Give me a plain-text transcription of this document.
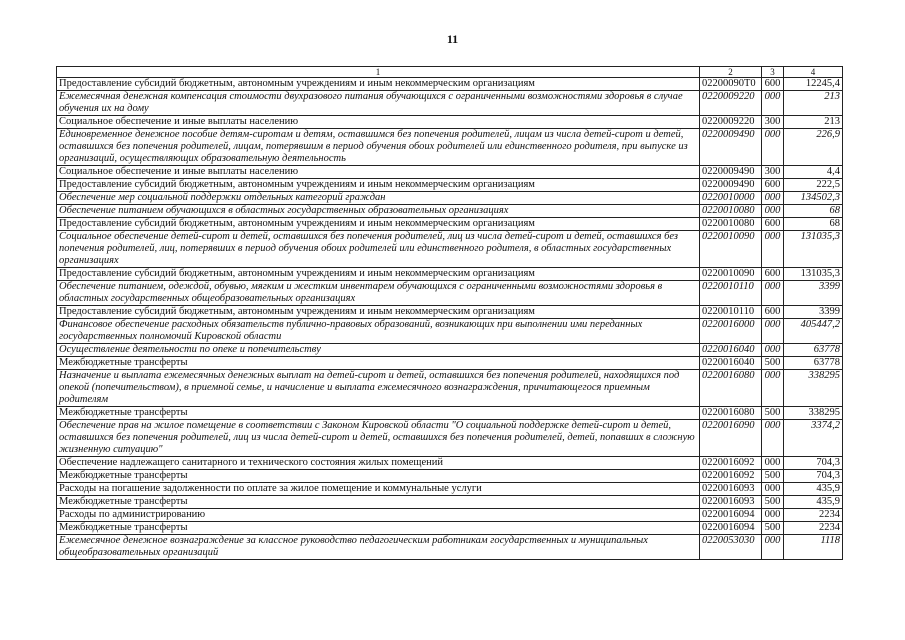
11
1	2	3	4
Предоставление субсидий бюджетным, автономным учреждениям и иным некоммерческим организациям	02200090T0	600	12245,4
Ежемесячная денежная компенсация стоимости двухразового питания обучающихся с ограниченными возможностями здоровья в случае обучения их на дому	0220009220	000	213
Социальное обеспечение и иные выплаты населению	0220009220	300	213
Единовременное денежное пособие детям-сиротам и детям, оставшимся без попечения родителей, лицам из числа детей-сирот и детей, оставшихся без попечения родителей, лицам, потерявшим в период обучения обоих родителей или единственного родителя, при выпуске из организаций, осуществляющих образовательную деятельность	0220009490	000	226,9
Социальное обеспечение и иные выплаты населению	0220009490	300	4,4
Предоставление субсидий бюджетным, автономным учреждениям и иным некоммерческим организациям	0220009490	600	222,5
Обеспечение мер социальной поддержки отдельных категорий граждан	0220010000	000	134502,3
Обеспечение питанием обучающихся в областных государственных образовательных организациях	0220010080	000	68
Предоставление субсидий бюджетным, автономным учреждениям и иным некоммерческим организациям	0220010080	600	68
Социальное обеспечение детей-сирот и детей, оставшихся без попечения родителей, лиц из числа детей-сирот и детей, оставшихся без попечения родителей, лиц, потерявших в период обучения обоих родителей или единственного родителя, в областных государственных организациях	0220010090	000	131035,3
Предоставление субсидий бюджетным, автономным учреждениям и иным некоммерческим организациям	0220010090	600	131035,3
Обеспечение питанием, одеждой, обувью, мягким и жестким инвентарем обучающихся с ограниченными возможностями здоровья в областных государственных общеобразовательных организациях	0220010110	000	3399
Предоставление субсидий бюджетным, автономным учреждениям и иным некоммерческим организациям	0220010110	600	3399
Финансовое обеспечение расходных обязательств публично-правовых образований, возникающих при выполнении ими переданных государственных полномочий Кировской области	0220016000	000	405447,2
Осуществление деятельности по опеке и попечительству	0220016040	000	63778
Межбюджетные трансферты	0220016040	500	63778
Назначение и выплата ежемесячных денежных выплат на детей-сирот и детей, оставшихся без попечения родителей, находящихся под опекой (попечительством), в приемной семье, и начисление и выплата ежемесячного вознаграждения, причитающегося приемным родителям	0220016080	000	338295
Межбюджетные трансферты	0220016080	500	338295
Обеспечение прав на жилое помещение в соответствии с Законом Кировской области "О социальной поддержке детей-сирот и детей, оставшихся без попечения родителей, лиц из числа детей-сирот и детей, оставшихся без попечения родителей, детей, попавших в сложную жизненную ситуацию"	0220016090	000	3374,2
Обеспечение надлежащего санитарного и технического состояния жилых помещений	0220016092	000	704,3
Межбюджетные трансферты	0220016092	500	704,3
Расходы на погашение задолженности по оплате за жилое помещение и коммунальные услуги	0220016093	000	435,9
Межбюджетные трансферты	0220016093	500	435,9
Расходы по администрированию	0220016094	000	2234
Межбюджетные трансферты	0220016094	500	2234
Ежемесячное денежное вознаграждение за классное руководство педагогическим работникам государственных и муниципальных общеобразовательных организаций	0220053030	000	1118
